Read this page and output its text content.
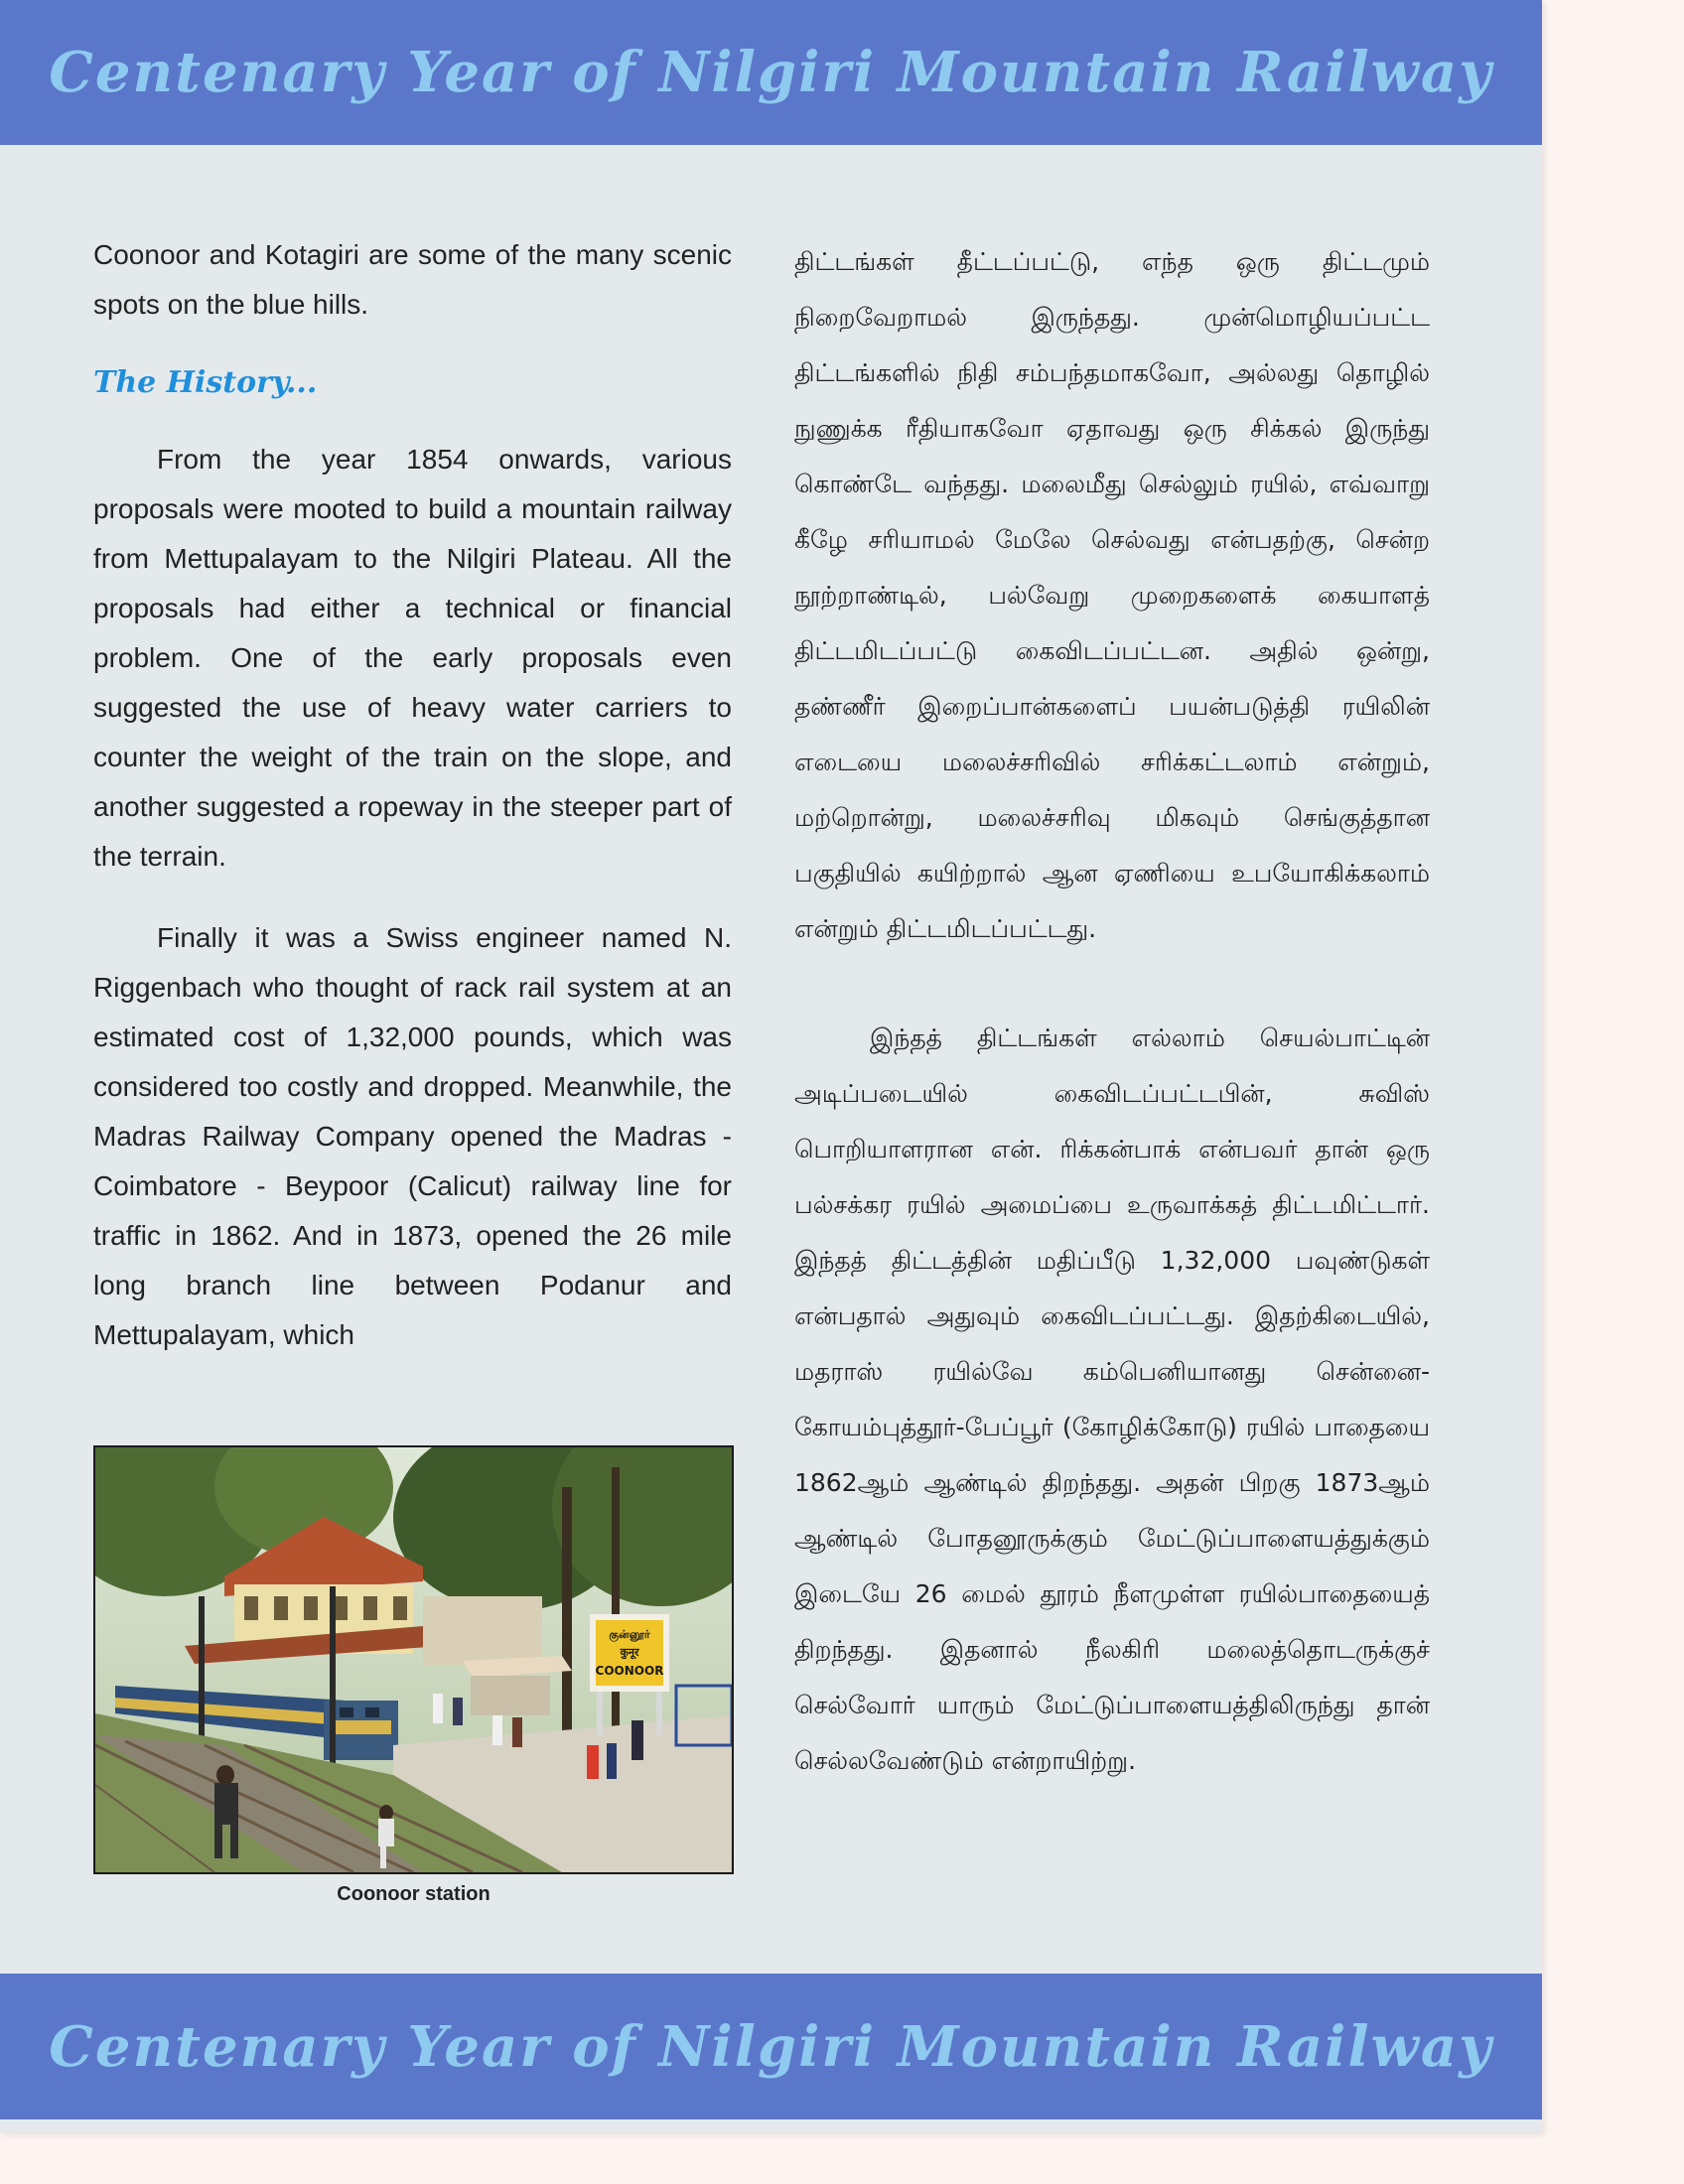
Centenary Year of Nilgiri Mountain Railway

Coonoor and Kotagiri are some of the many scenic spots on the blue hills.

The History...

From the year 1854 onwards, various proposals were mooted to build a mountain railway from Mettupalayam to the Nilgiri Plateau. All the proposals had either a technical or financial problem. One of the early proposals even suggested the use of heavy water carriers to counter the weight of the train on the slope, and another suggested a ropeway in the steeper part of the terrain.

Finally it was a Swiss engineer named N. Riggenbach who thought of rack rail system at an estimated cost of 1,32,000 pounds, which was considered too costly and dropped. Meanwhile, the Madras Railway Company opened the Madras - Coimbatore - Beypoor (Calicut) railway line for traffic in 1862. And in 1873, opened the 26 mile long branch line between Podanur and Mettupalayam, which

குன்னூர்
कुनूर
COONOOR
Coonoor station

திட்டங்கள் தீட்டப்பட்டு, எந்த ஒரு திட்டமும் நிறைவேறாமல் இருந்தது. முன்மொழியப்பட்ட திட்டங்களில் நிதி சம்பந்தமாகவோ, அல்லது தொழில் நுணுக்க ரீதியாகவோ ஏதாவது ஒரு சிக்கல் இருந்து கொண்டே வந்தது. மலைமீது செல்லும் ரயில், எவ்வாறு கீழே சரியாமல் மேலே செல்வது என்பதற்கு, சென்ற நூற்றாண்டில், பல்வேறு முறைகளைக் கையாளத் திட்டமிடப்பட்டு கைவிடப்பட்டன. அதில் ஒன்று, தண்ணீர் இறைப்பான்களைப் பயன்படுத்தி ரயிலின் எடையை மலைச்சரிவில் சரிக்கட்டலாம் என்றும், மற்றொன்று, மலைச்சரிவு மிகவும் செங்குத்தான பகுதியில் கயிற்றால் ஆன ஏணியை உபயோகிக்கலாம் என்றும் திட்டமிடப்பட்டது.

இந்தத் திட்டங்கள் எல்லாம் செயல்பாட்டின் அடிப்படையில் கைவிடப்பட்டபின், சுவிஸ் பொறியாளரான என். ரிக்கன்பாக் என்பவர் தான் ஒரு பல்சக்கர ரயில் அமைப்பை உருவாக்கத் திட்டமிட்டார். இந்தத் திட்டத்தின் மதிப்பீடு 1,32,000 பவுண்டுகள் என்பதால் அதுவும் கைவிடப்பட்டது. இதற்கிடையில், மதராஸ் ரயில்வே கம்பெனியானது சென்னை-கோயம்புத்தூர்-பேப்பூர் (கோழிக்கோடு) ரயில் பாதையை 1862ஆம் ஆண்டில் திறந்தது. அதன் பிறகு 1873ஆம் ஆண்டில் போதனூருக்கும் மேட்டுப்பாளையத்துக்கும் இடையே 26 மைல் தூரம் நீளமுள்ள ரயில்பாதையைத் திறந்தது. இதனால் நீலகிரி மலைத்தொடருக்குச் செல்வோர் யாரும் மேட்டுப்பாளையத்திலிருந்து தான் செல்லவேண்டும் என்றாயிற்று.

Centenary Year of Nilgiri Mountain Railway
